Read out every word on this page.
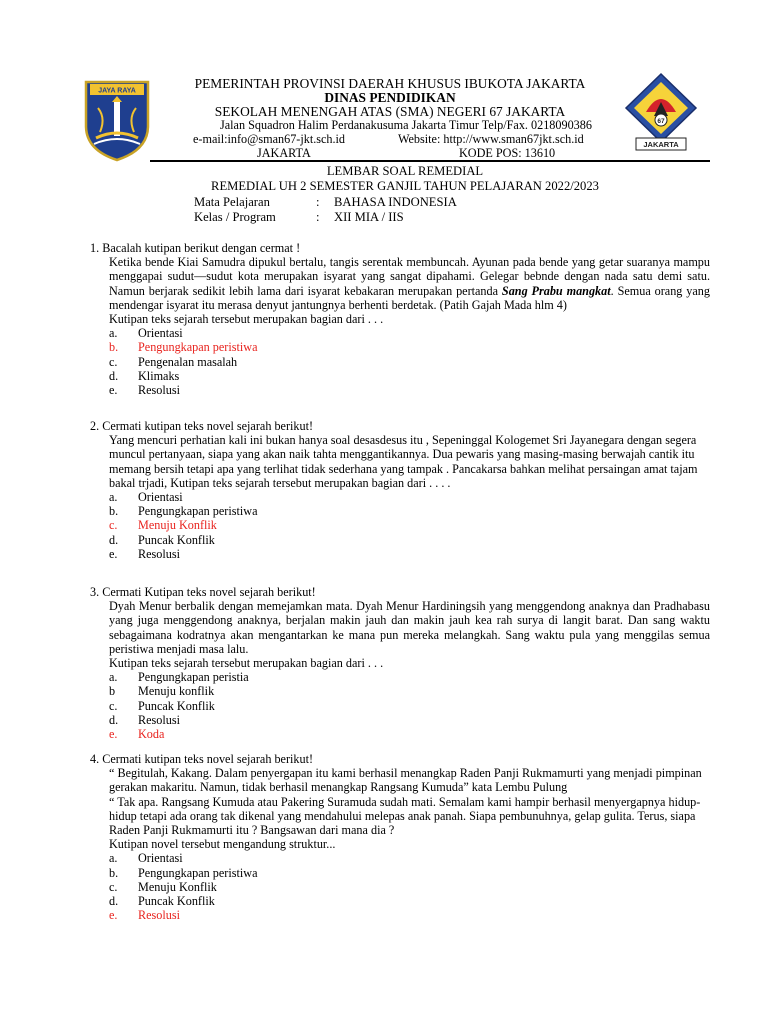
JAYA RAYA
67
JAKARTA
PEMERINTAH PROVINSI DAERAH KHUSUS IBUKOTA JAKARTA
DINAS PENDIDIKAN
SEKOLAH MENENGAH ATAS (SMA) NEGERI 67 JAKARTA
Jalan Squadron Halim Perdanakusuma Jakarta Timur Telp/Fax. 0218090386
e-mail:info@sman67-jkt.sch.id	Website: http://www.sman67jkt.sch.id
JAKARTA	KODE POS: 13610
LEMBAR SOAL REMEDIAL
REMEDIAL UH 2 SEMESTER GANJIL TAHUN PELAJARAN 2022/2023
Mata Pelajaran	: BAHASA INDONESIA
Kelas / Program	: XII MIA / IIS

1. Bacalah kutipan berikut dengan cermat !

Ketika bende Kiai Samudra dipukul bertalu, tangis serentak membuncah. Ayunan pada bende yang getar suaranya mampu menggapai sudut—sudut kota merupakan isyarat yang sangat dipahami. Gelegar bebnde dengan nada satu demi satu. Namun berjarak sedikit lebih lama dari isyarat kebakaran merupakan pertanda Sang Prabu mangkat. Semua orang yang mendengar isyarat itu merasa denyut jantungnya berhenti berdetak. (Patih Gajah Mada hlm 4)

Kutipan teks sejarah tersebut merupakan bagian dari . . .

a.	Orientasi
b.	Pengungkapan peristiwa
c.	Pengenalan masalah
d.	Klimaks
e.	Resolusi

2. Cermati kutipan teks novel sejarah berikut!

Yang mencuri perhatian kali ini bukan hanya soal desasdesus itu , Sepeninggal Kologemet Sri Jayanegara dengan segera muncul pertanyaan, siapa yang akan naik tahta menggantikannya. Dua pewaris yang masing-masing berwajah cantik itu memang bersih tetapi apa yang terlihat tidak sederhana yang tampak . Pancakarsa bahkan melihat persaingan amat tajam bakal trjadi, Kutipan teks sejarah tersebut merupakan bagian dari . . . .

a.	Orientasi
b.	Pengungkapan peristiwa
c.	Menuju Konflik
d.	Puncak Konflik
e.	Resolusi

3. Cermati Kutipan teks novel sejarah berikut!

Dyah Menur berbalik dengan memejamkan mata. Dyah Menur Hardiningsih yang menggendong anaknya dan Pradhabasu yang juga menggendong anaknya, berjalan makin jauh dan makin jauh kea rah surya di langit barat. Dan sang waktu sebagaimana kodratnya akan mengantarkan ke mana pun mereka melangkah. Sang waktu pula yang menggilas semua peristiwa menjadi masa lalu.

Kutipan teks sejarah tersebut merupakan bagian dari . . .

a.	Pengungkapan peristia
b	Menuju konflik
c.	Puncak Konflik
d.	Resolusi
e.	Koda

4. Cermati kutipan teks novel sejarah berikut!

“ Begitulah, Kakang. Dalam penyergapan itu kami berhasil menangkap Raden Panji Rukmamurti yang menjadi pimpinan gerakan makaritu. Namun, tidak berhasil menangkap Rangsang Kumuda” kata Lembu Pulung

“ Tak apa. Rangsang Kumuda atau Pakering Suramuda sudah mati. Semalam kami hampir berhasil menyergapnya hidup-hidup tetapi ada orang tak dikenal yang mendahului melepas anak panah. Siapa pembunuhnya, gelap gulita. Terus, siapa Raden Panji Rukmamurti itu ? Bangsawan dari mana dia ?

Kutipan novel tersebut mengandung struktur...

a.	Orientasi
b.	Pengungkapan peristiwa
c.	Menuju Konflik
d.	Puncak Konflik
e.	Resolusi
